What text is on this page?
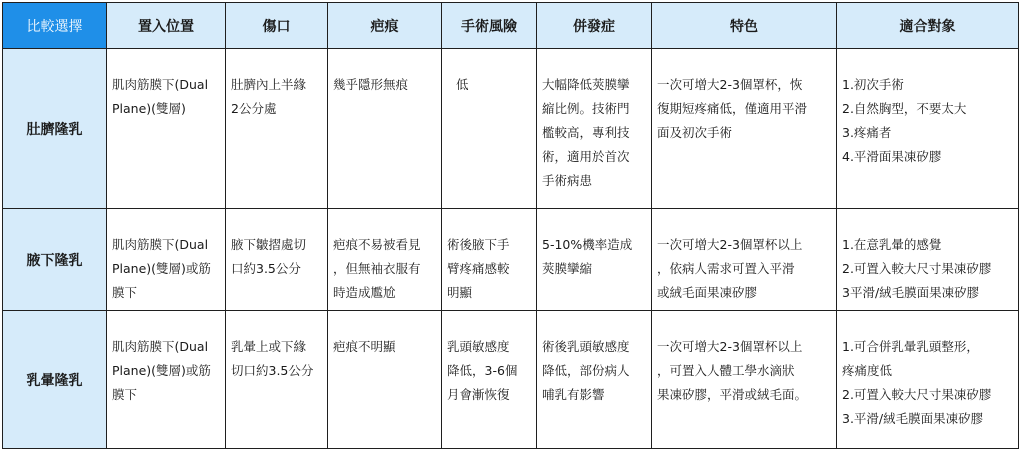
比較選擇	置入位置	傷口	疤痕	手術風險	併發症	特色	適合對象
肚臍隆乳	肌肉筋膜下(Dual
Plane)(雙層)	肚臍內上半緣
2公分處	幾乎隱形無痕	低	大幅降低莢膜攣
縮比例。技術門
檻較高，專利技
術，適用於首次
手術病患	一次可增大2-3個罩杯，恢
復期短疼痛低，僅適用平滑
面及初次手術	1.初次手術
2.自然胸型，不要太大
3.疼痛者
4.平滑面果凍矽膠

腋下隆乳	肌肉筋膜下(Dual
Plane)(雙層)或筋
膜下	腋下皺摺處切
口約3.5公分	疤痕不易被看見
，但無袖衣服有
時造成尷尬	術後腋下手
臂疼痛感較
明顯	5-10%機率造成
莢膜攣縮	一次可增大2-3個罩杯以上
，依病人需求可置入平滑
或絨毛面果凍矽膠	1.在意乳暈的感覺
2.可置入較大尺寸果凍矽膠
3平滑/絨毛膜面果凍矽膠

乳暈隆乳	肌肉筋膜下(Dual
Plane)(雙層)或筋
膜下	乳暈上或下緣
切口約3.5公分	疤痕不明顯	乳頭敏感度
降低，3-6個
月會漸恢復	術後乳頭敏感度
降低，部份病人
哺乳有影響	一次可增大2-3個罩杯以上
，可置入人體工學水滴狀
果凍矽膠，平滑或絨毛面。	1.可合併乳暈乳頭整形，
疼痛度低
2.可置入較大尺寸果凍矽膠
3.平滑/絨毛膜面果凍矽膠
